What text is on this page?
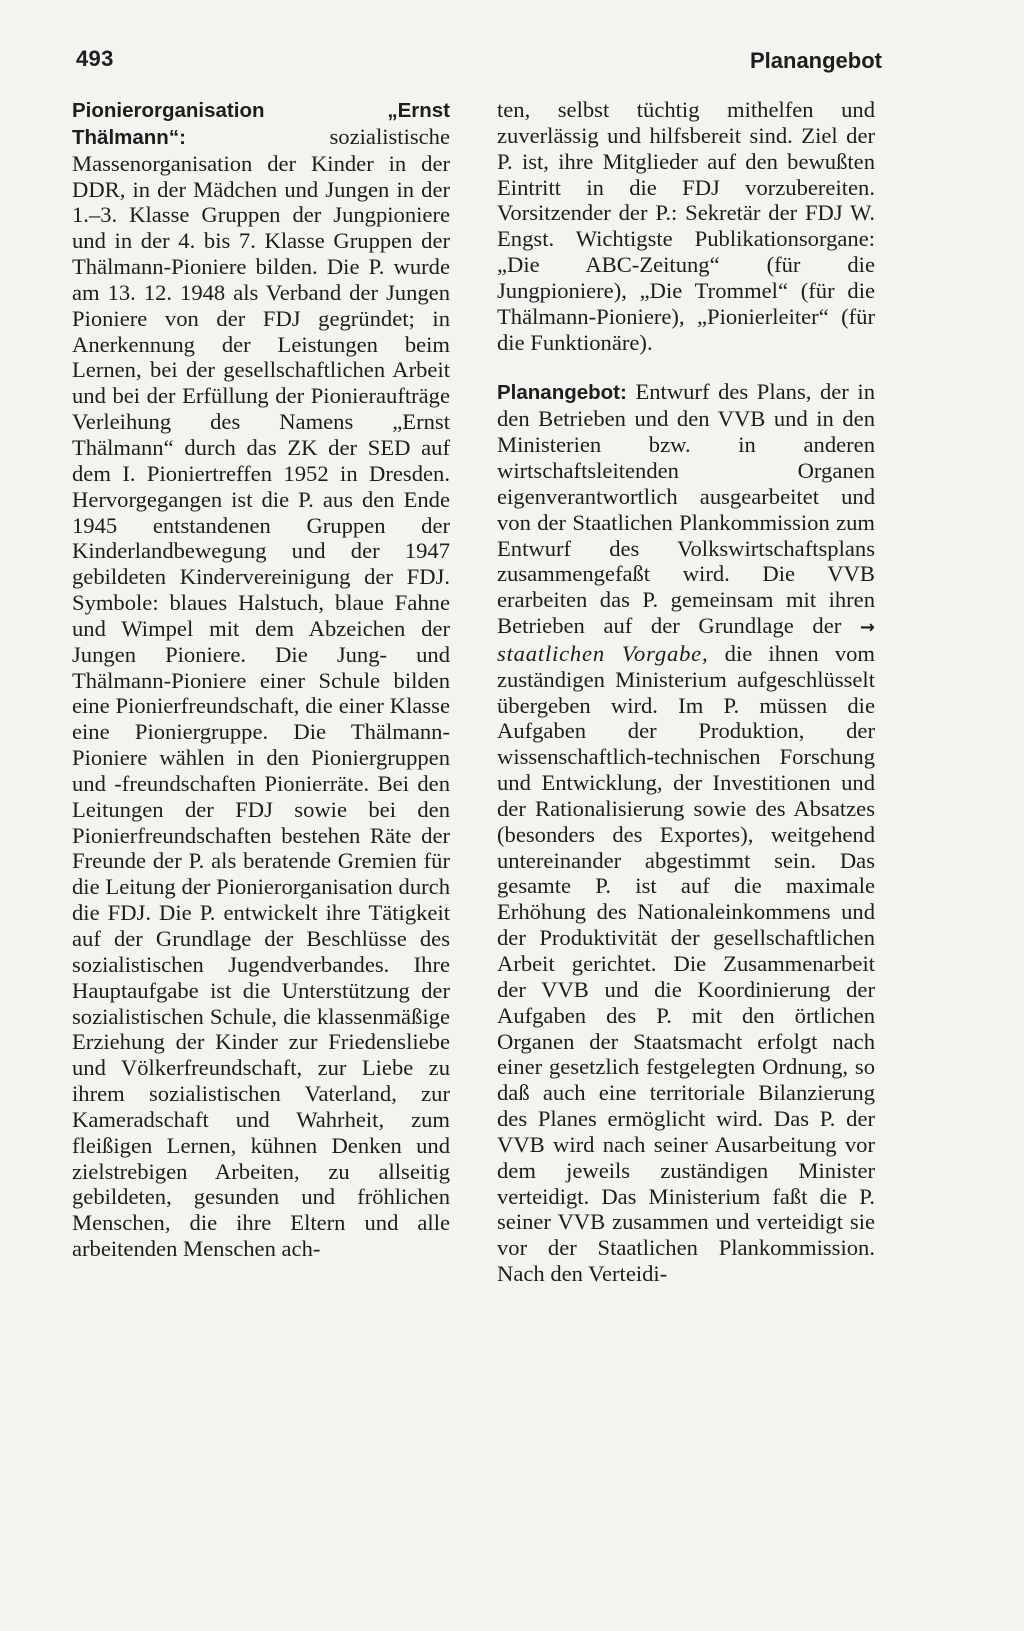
493	Planangebot

Pionierorganisation „Ernst Thälmann“:	sozialistische Massenorganisation der Kinder in der DDR, in der Mädchen und Jungen in der 1.–3. Klasse Gruppen der Jungpioniere und in der 4. bis 7. Klasse Gruppen der Thälmann-Pioniere bilden. Die P. wurde am 13. 12. 1948 als Verband der Jungen Pioniere von der FDJ gegründet; in Anerkennung der Leistungen beim Lernen, bei der gesellschaftlichen Arbeit und bei der Erfüllung der Pionieraufträge Verleihung des Namens „Ernst Thälmann“ durch das ZK der SED auf dem I. Pioniertreffen 1952 in Dresden. Hervorgegangen ist die P. aus den Ende 1945 entstandenen Gruppen der Kinderlandbewegung und der 1947 gebildeten Kindervereinigung der FDJ. Symbole: blaues Halstuch, blaue Fahne und Wimpel mit dem Abzeichen der Jungen Pioniere. Die Jung- und Thälmann-Pioniere einer Schule bilden eine Pionierfreundschaft, die einer Klasse eine Pioniergruppe. Die Thälmann-Pioniere wählen in den Pioniergruppen und -freundschaften Pionierräte. Bei den Leitungen der FDJ sowie bei den Pionierfreundschaften bestehen Räte der Freunde der P. als beratende Gremien für die Leitung der Pionierorganisation durch die FDJ. Die P. entwickelt ihre Tätigkeit auf der Grundlage der Beschlüsse des sozialistischen Jugendverbandes. Ihre Hauptaufgabe ist die Unterstützung der sozialistischen Schule, die klassenmäßige Erziehung der Kinder zur Friedensliebe und Völkerfreundschaft, zur Liebe zu ihrem sozialistischen Vaterland, zur Kameradschaft und Wahrheit, zum fleißigen Lernen, kühnen Denken und zielstrebigen Arbeiten, zu allseitig gebildeten, gesunden und fröhlichen Menschen, die ihre Eltern und alle arbeitenden Menschen ach-

ten, selbst tüchtig mithelfen und zuverlässig und hilfsbereit sind. Ziel der P. ist, ihre Mitglieder auf den bewußten Eintritt in die FDJ vorzubereiten. Vorsitzender der P.: Sekretär der FDJ W. Engst. Wichtigste Publikationsorgane: „Die ABC-Zeitung“ (für die Jungpioniere), „Die Trommel“ (für die Thälmann-Pioniere), „Pionierleiter“ (für die Funktionäre).

Planangebot: Entwurf des Plans, der in den Betrieben und den VVB und in den Ministerien bzw. in anderen wirtschaftsleitenden Organen eigenverantwortlich ausgearbeitet und von der Staatlichen Plankommission zum Entwurf des Volkswirtschaftsplans zusammengefaßt wird. Die VVB erarbeiten das P. gemeinsam mit ihren Betrieben auf der Grundlage der → staatlichen Vorgabe, die ihnen vom zuständigen Ministerium aufgeschlüsselt übergeben wird. Im P. müssen die Aufgaben der Produktion, der wissenschaftlich-technischen Forschung und Entwicklung, der Investitionen und der Rationalisierung sowie des Absatzes (besonders des Exportes), weitgehend untereinander abgestimmt sein. Das gesamte P. ist auf die maximale Erhöhung des Nationaleinkommens und der Produktivität der gesellschaftlichen Arbeit gerichtet. Die Zusammenarbeit der VVB und die Koordinierung der Aufgaben des P. mit den örtlichen Organen der Staatsmacht erfolgt nach einer gesetzlich festgelegten Ordnung, so daß auch eine territoriale Bilanzierung des Planes ermöglicht wird. Das P. der VVB wird nach seiner Ausarbeitung vor dem jeweils zuständigen Minister verteidigt. Das Ministerium faßt die P. seiner VVB zusammen und verteidigt sie vor der Staatlichen Plankommission. Nach den Verteidi-
